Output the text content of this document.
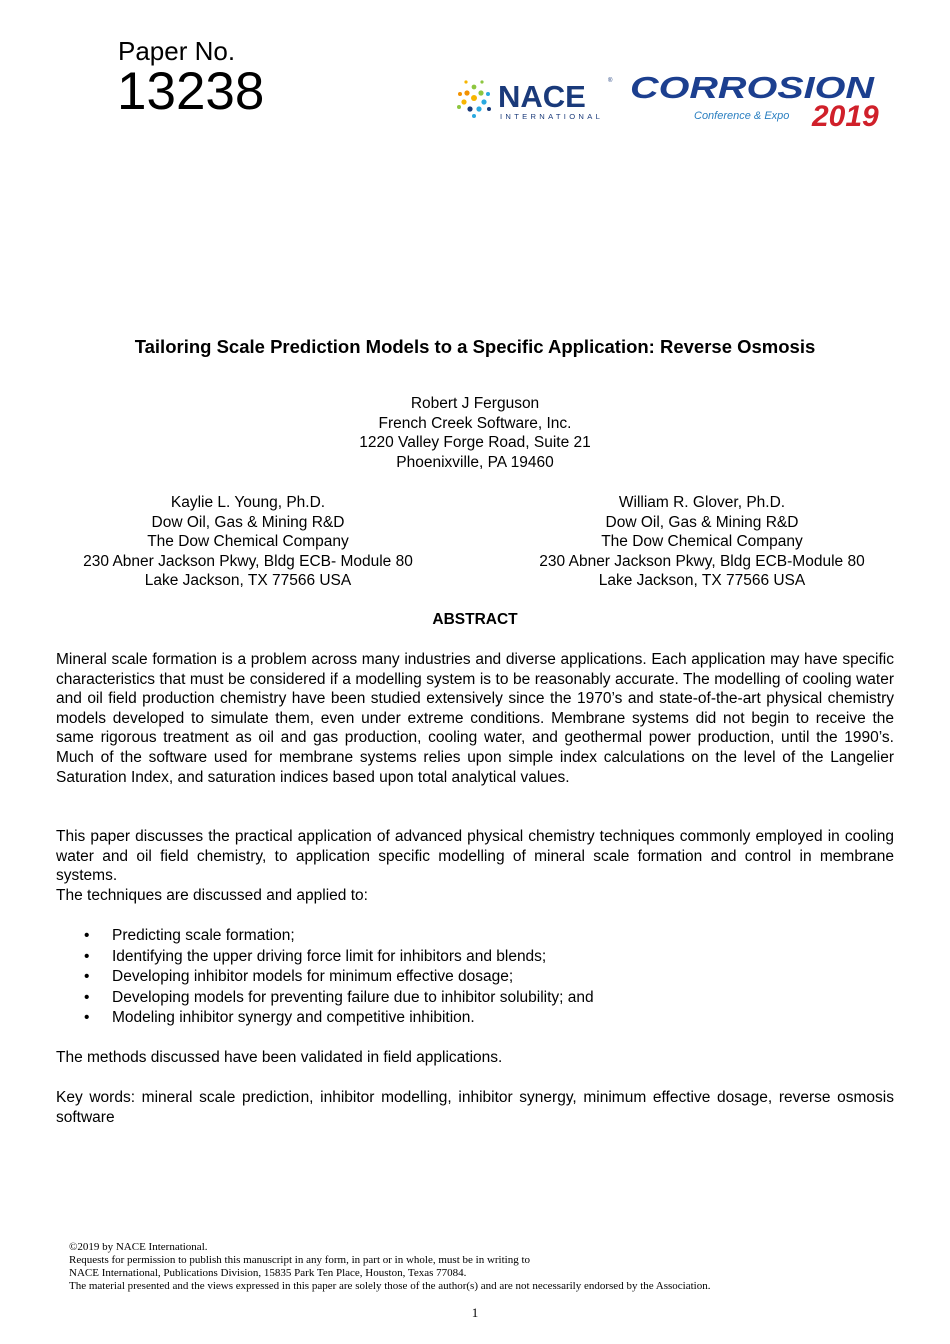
Paper No.
13238	NACE	®
INTERNATIONAL
CORROSION
Conference & Expo 2019
Tailoring Scale Prediction Models to a Specific Application: Reverse Osmosis
Robert J Ferguson
French Creek Software, Inc.
1220 Valley Forge Road, Suite 21
Phoenixville, PA 19460
Kaylie L. Young, Ph.D.
Dow Oil, Gas & Mining R&D
The Dow Chemical Company
230 Abner Jackson Pkwy, Bldg ECB- Module 80
Lake Jackson, TX 77566 USA
William R. Glover, Ph.D.
Dow Oil, Gas & Mining R&D
The Dow Chemical Company
230 Abner Jackson Pkwy, Bldg ECB-Module 80
Lake Jackson, TX 77566 USA
ABSTRACT
Mineral scale formation is a problem across many industries and diverse applications. Each application may have specific characteristics that must be considered if a modelling system is to be reasonably accurate. The modelling of cooling water and oil field production chemistry have been studied extensively since the 1970’s and state-of-the-art physical chemistry models developed to simulate them, even under extreme conditions. Membrane systems did not begin to receive the same rigorous treatment as oil and gas production, cooling water, and geothermal power production, until the 1990’s. Much of the software used for membrane systems relies upon simple index calculations on the level of the Langelier Saturation Index, and saturation indices based upon total analytical values.
This paper discusses the practical application of advanced physical chemistry techniques commonly employed in cooling water and oil field chemistry, to application specific modelling of mineral scale formation and control in membrane systems.
The techniques are discussed and applied to:
• Predicting scale formation;
• Identifying the upper driving force limit for inhibitors and blends;
• Developing inhibitor models for minimum effective dosage;
• Developing models for preventing failure due to inhibitor solubility; and
• Modeling inhibitor synergy and competitive inhibition.
The methods discussed have been validated in field applications.
Key words: mineral scale prediction, inhibitor modelling, inhibitor synergy, minimum effective dosage, reverse osmosis software
©2019 by NACE International.
Requests for permission to publish this manuscript in any form, in part or in whole, must be in writing to
NACE International, Publications Division, 15835 Park Ten Place, Houston, Texas 77084.
The material presented and the views expressed in this paper are solely those of the author(s) and are not necessarily endorsed by the Association.
1
